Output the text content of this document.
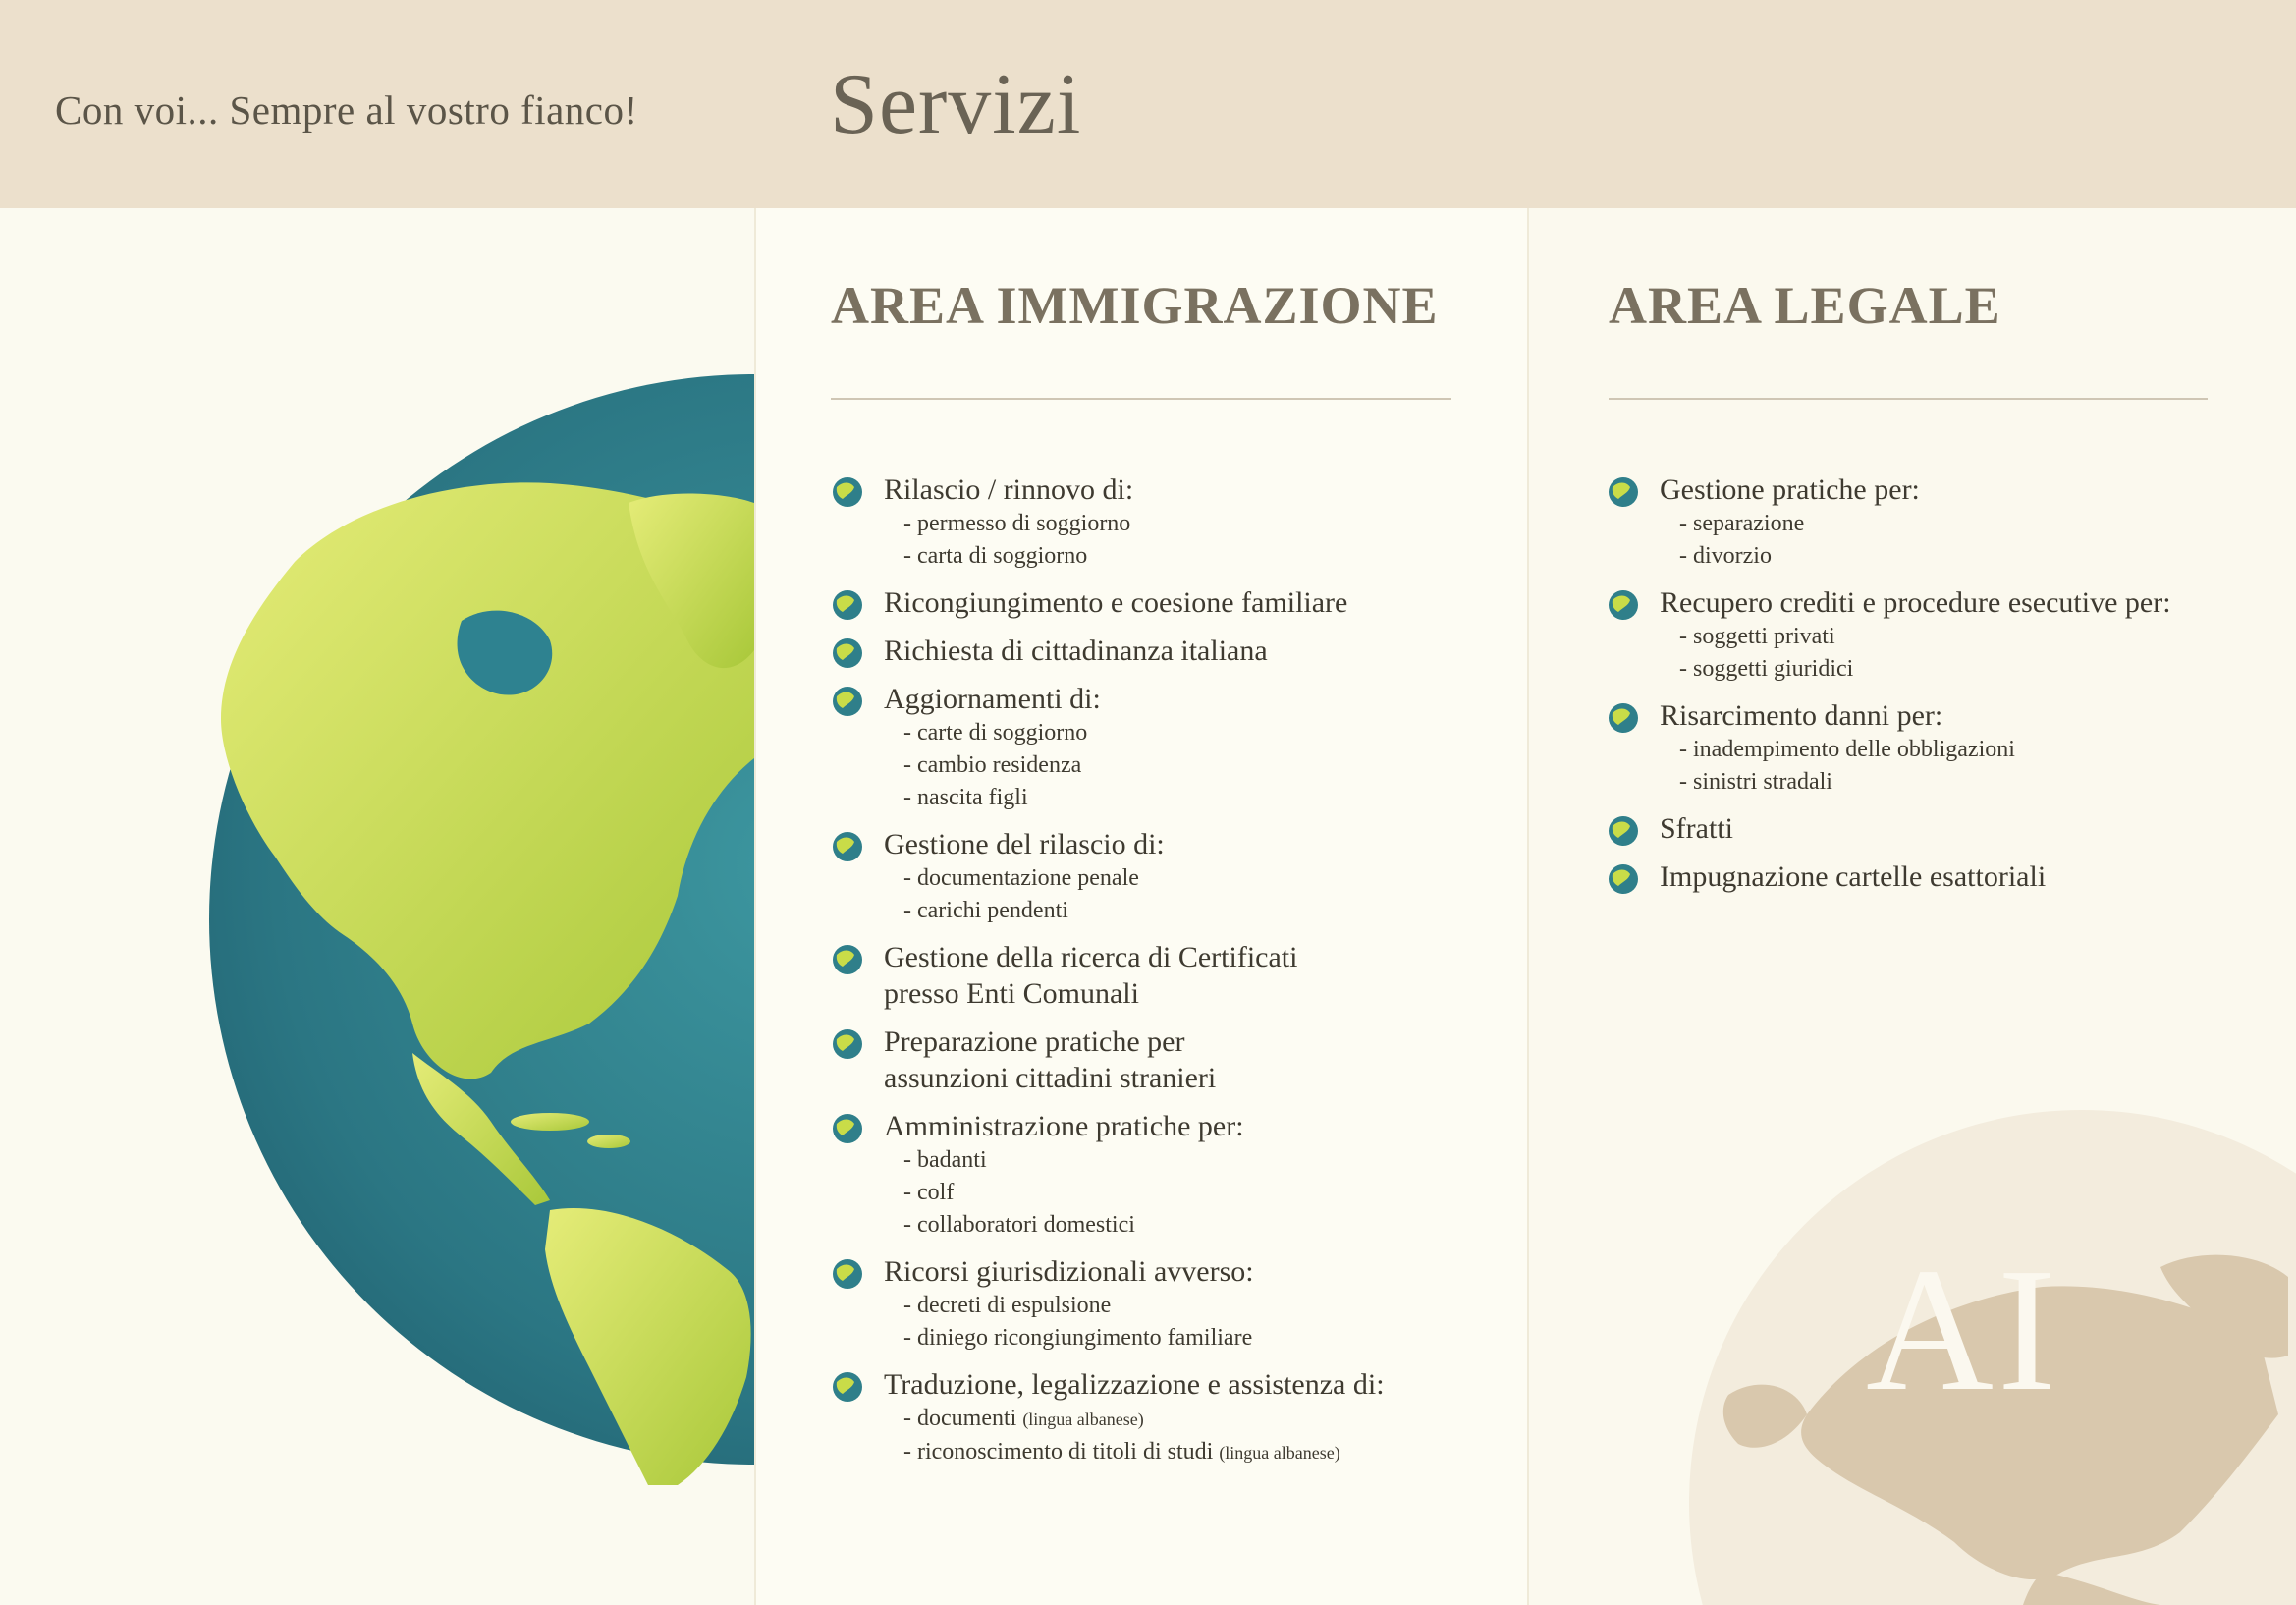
Con voi... Sempre al vostro fianco! Servizi
AREA IMMIGRAZIONE
Rilascio / rinnovo di:
- permesso di soggiorno
- carta di soggiorno
Ricongiungimento e coesione familiare
Richiesta di cittadinanza italiana
Aggiornamenti di:
- carte di soggiorno
- cambio residenza
- nascita figli
Gestione del rilascio di:
- documentazione penale
- carichi pendenti
Gestione della ricerca di Certificati
presso Enti Comunali
Preparazione pratiche per
assunzioni cittadini stranieri
Amministrazione pratiche per:
- badanti
- colf
- collaboratori domestici
Ricorsi giurisdizionali avverso:
- decreti di espulsione
- diniego ricongiungimento familiare
Traduzione, legalizzazione e assistenza di:
- documenti (lingua albanese)
- riconoscimento di titoli di studi (lingua albanese)
AREA LEGALE
Gestione pratiche per:
- separazione
- divorzio
Recupero crediti e procedure esecutive per:
- soggetti privati
- soggetti giuridici
Risarcimento danni per:
- inadempimento delle obbligazioni
- sinistri stradali
Sfratti
Impugnazione cartelle esattoriali
AI
